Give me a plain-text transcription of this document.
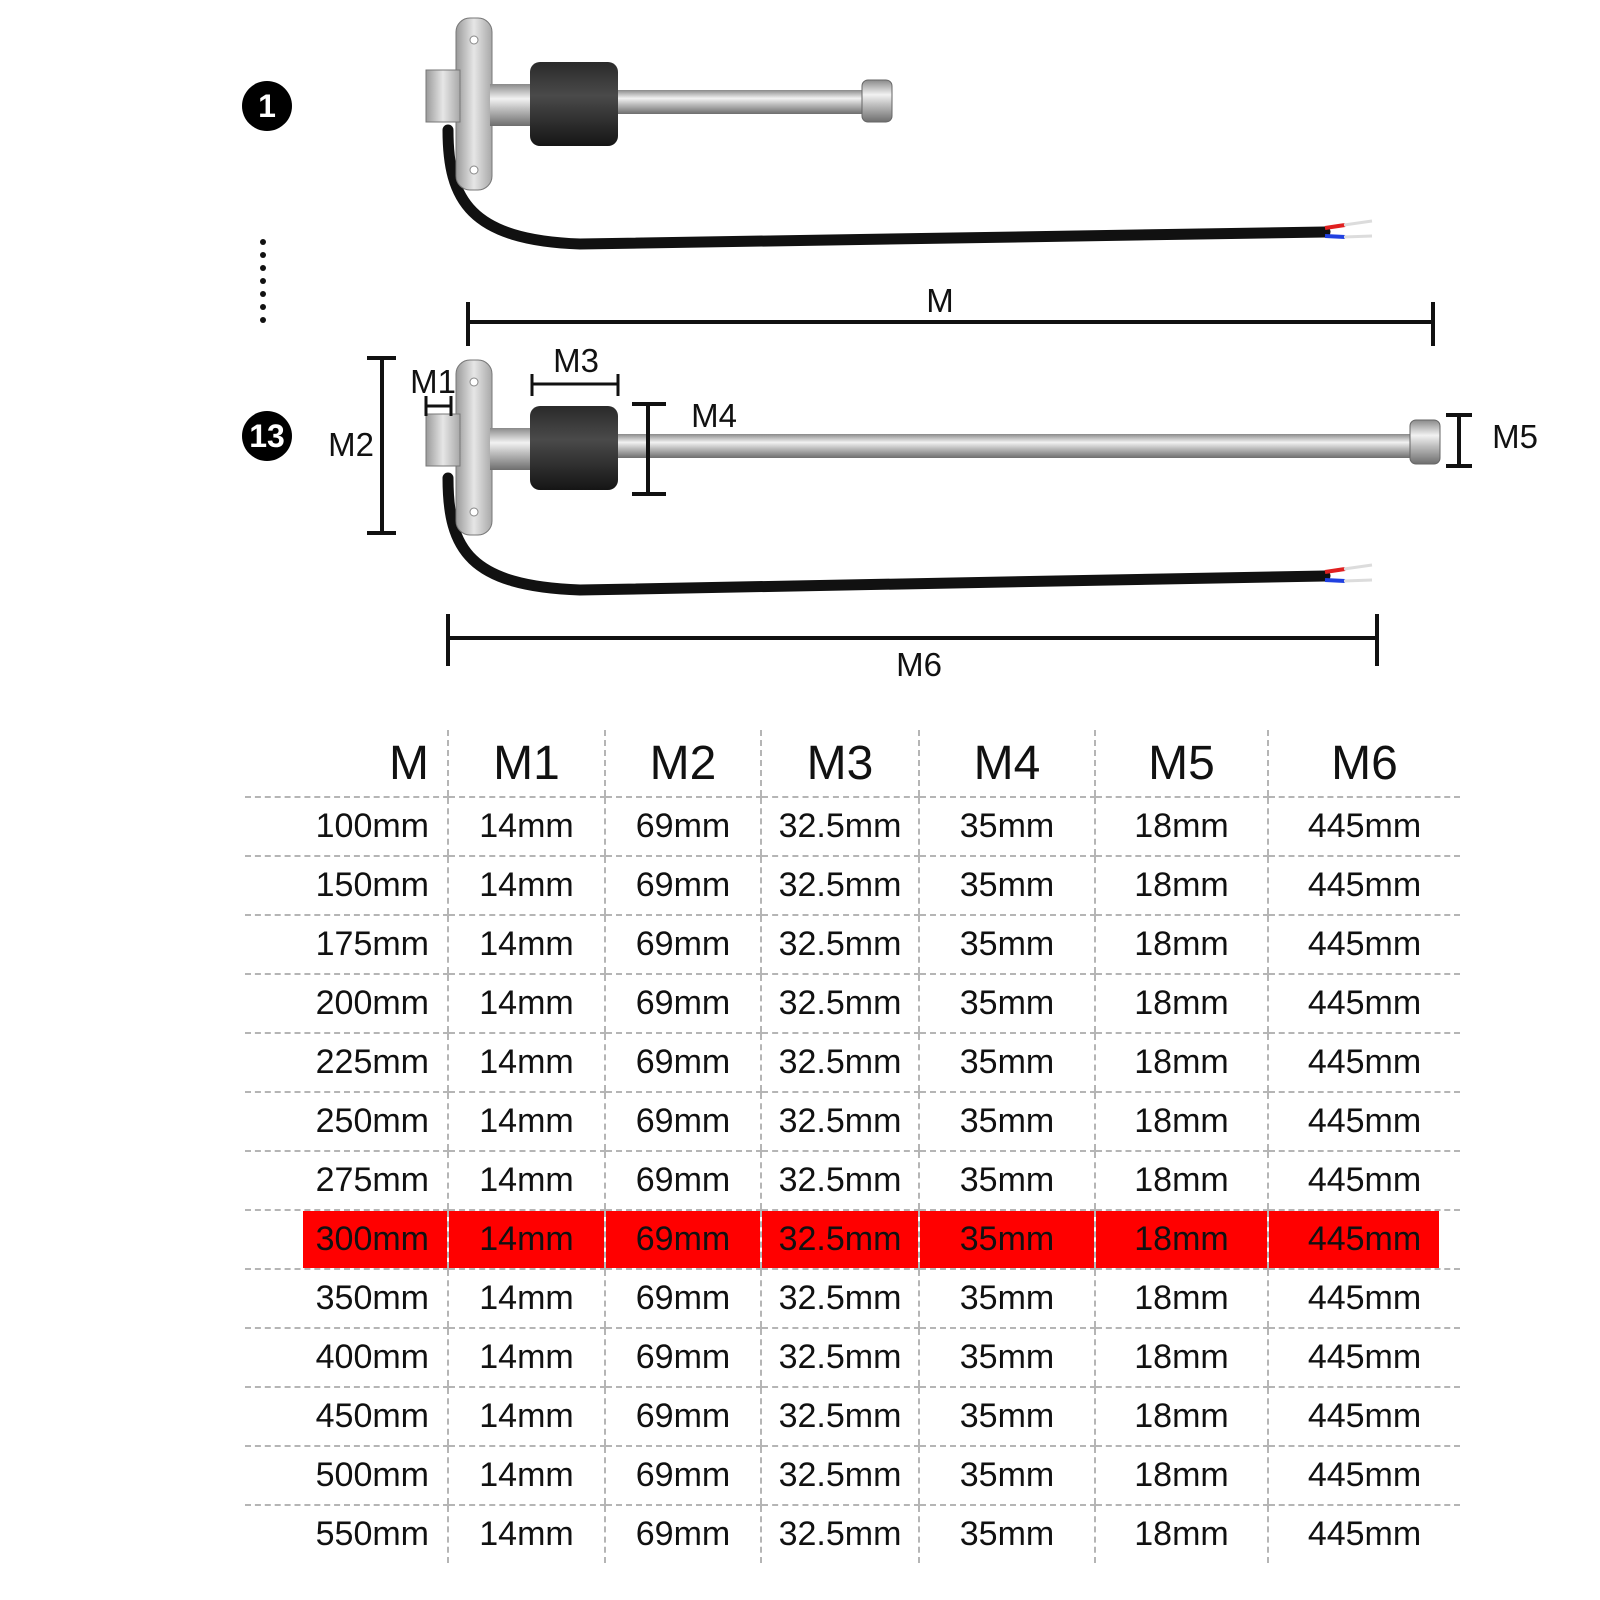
1
M
13
M1
M2
M3
M4
M5
M6
M	M1	M2	M3	M4	M5	M6
100mm	14mm	69mm	32.5mm	35mm	18mm	445mm
150mm	14mm	69mm	32.5mm	35mm	18mm	445mm
175mm	14mm	69mm	32.5mm	35mm	18mm	445mm
200mm	14mm	69mm	32.5mm	35mm	18mm	445mm
225mm	14mm	69mm	32.5mm	35mm	18mm	445mm
250mm	14mm	69mm	32.5mm	35mm	18mm	445mm
275mm	14mm	69mm	32.5mm	35mm	18mm	445mm
300mm	14mm	69mm	32.5mm	35mm	18mm	445mm
350mm	14mm	69mm	32.5mm	35mm	18mm	445mm
400mm	14mm	69mm	32.5mm	35mm	18mm	445mm
450mm	14mm	69mm	32.5mm	35mm	18mm	445mm
500mm	14mm	69mm	32.5mm	35mm	18mm	445mm
550mm	14mm	69mm	32.5mm	35mm	18mm	445mm
